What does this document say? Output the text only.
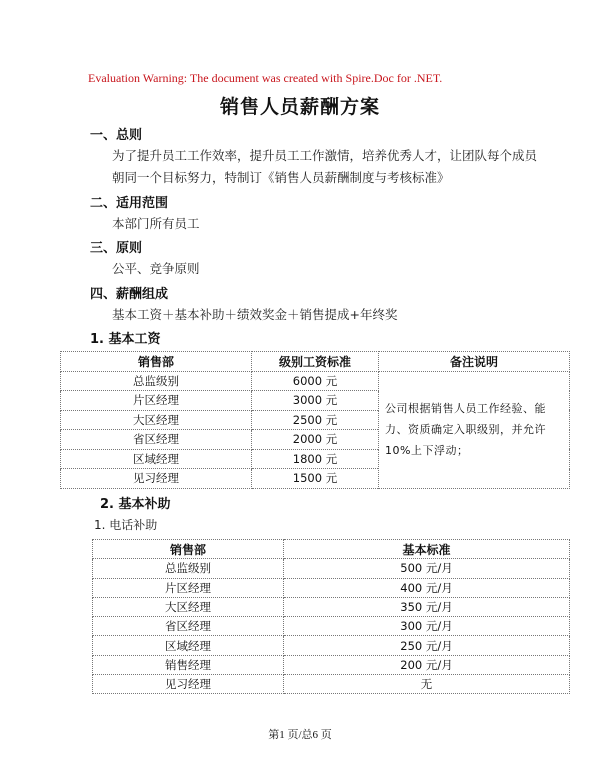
Evaluation Warning: The document was created with Spire.Doc for .NET.
销售人员薪酬方案
一、总则
为了提升员工工作效率，提升员工工作激情，培养优秀人才，让团队每个成员
朝同一个目标努力，特制订《销售人员薪酬制度与考核标准》
二、适用范围
本部门所有员工
三、原则
公平、竞争原则
四、薪酬组成
基本工资＋基本补助＋绩效奖金＋销售提成+年终奖
1. 基本工资
销售部	级别工资标准	备注说明
总监级别	6000 元	公司根据销售人员工作经验、能力、资质确定入职级别，并允许 10%上下浮动；
片区经理	3000 元	
大区经理	2500 元	
省区经理	2000 元	
区域经理	1800 元	
见习经理	1500 元	
2. 基本补助
1. 电话补助
销售部	基本标准
总监级别	500 元/月
片区经理	400 元/月
大区经理	350 元/月
省区经理	300 元/月
区域经理	250 元/月
销售经理	200 元/月
见习经理	无
第1 页/总6 页
